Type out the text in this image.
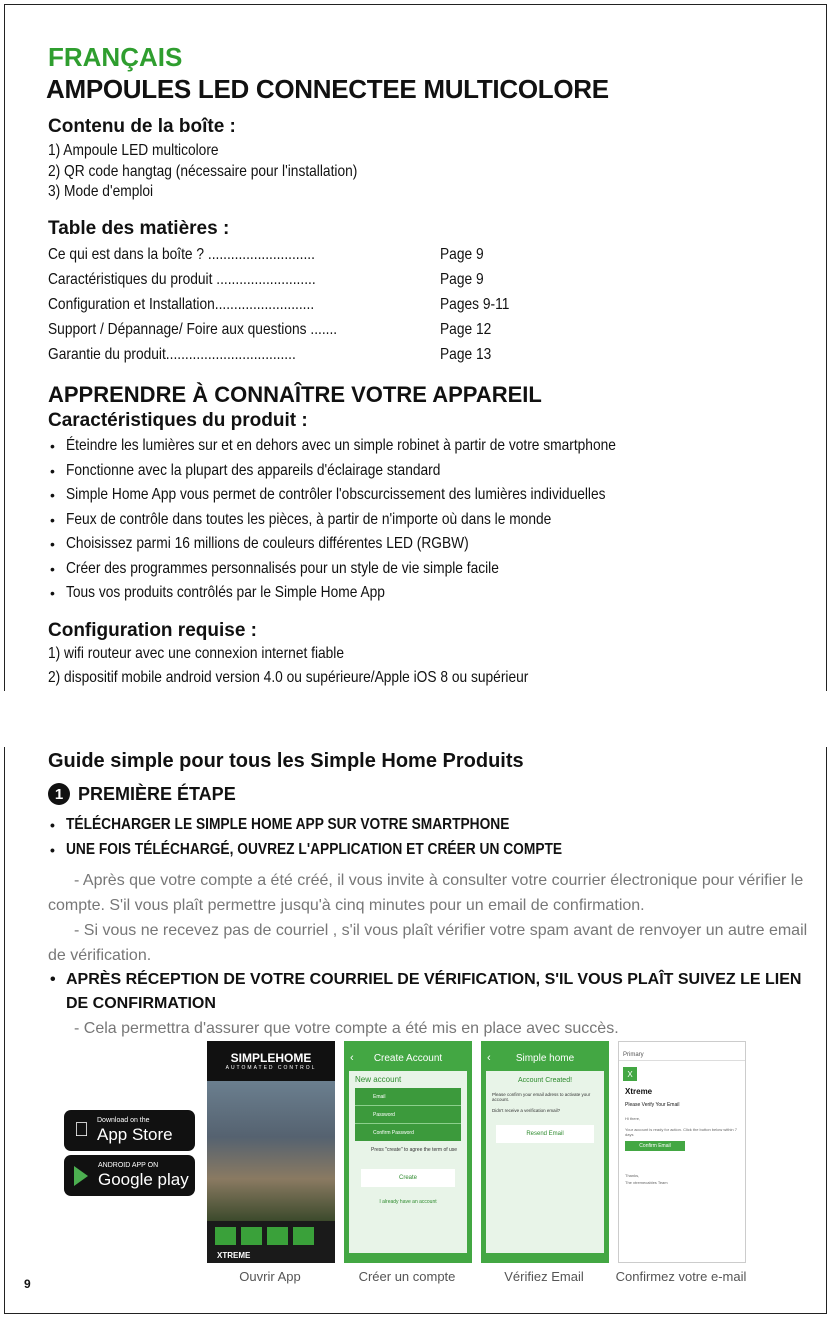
FRANÇAIS
AMPOULES LED CONNECTEE MULTICOLORE
Contenu de la boîte :
1) Ampoule LED multicolore
2) QR code hangtag (nécessaire pour l'installation)
3) Mode d'emploi
Table des matières :
Ce qui est dans la boîte ? ............................	Page 9
Caractéristiques du produit ..........................	Page 9
Configuration et Installation..........................	Pages 9-11
Support / Dépannage/ Foire aux questions .......	Page 12
Garantie du produit..................................	Page 13
APPRENDRE À CONNAÎTRE VOTRE APPAREIL
Caractéristiques du produit :
• Éteindre les lumières sur et en dehors avec un simple robinet à partir de votre smartphone
• Fonctionne avec la plupart des appareils d'éclairage standard
• Simple Home App vous permet de contrôler l'obscurcissement des lumières individuelles
• Feux de contrôle dans toutes les pièces, à partir de n'importe où dans le monde
• Choisissez parmi 16 millions de couleurs différentes LED (RGBW)
• Créer des programmes personnalisés pour un style de vie simple facile
• Tous vos produits contrôlés par le Simple Home App
Configuration requise :
1) wifi routeur avec une connexion internet fiable
2) dispositif mobile android version 4.0 ou supérieure/Apple iOS 8 ou supérieur
Guide simple pour tous les Simple Home Produits
1 PREMIÈRE ÉTAPE
• TÉLÉCHARGER LE SIMPLE HOME APP SUR VOTRE SMARTPHONE
• UNE FOIS TÉLÉCHARGÉ, OUVREZ L'APPLICATION ET CRÉER UN COMPTE
- Après que votre compte a été créé, il vous invite à consulter votre courrier électronique pour vérifier le compte. S'il vous plaît permettre jusqu'à cinq minutes pour un email de confirmation.
- Si vous ne recevez pas de courriel , s'il vous plaît vérifier votre spam avant de renvoyer un autre email de vérification.
• APRÈS RÉCEPTION DE VOTRE COURRIEL DE VÉRIFICATION, S'IL VOUS PLAÎT SUIVEZ LE LIEN DE CONFIRMATION
- Cela permettra d'assurer que votre compte a été mis en place avec succès.
Download on the
App Store
ANDROID APP ON
Google play
SIMPLEHOME
AUTOMATED CONTROL
XTREME
‹ Create Account
New account
Email
Password
Confirm Password
Press "create" to agree the term of use
Create
I already have an account
‹	Simple home
Account Created!
Please confirm your email adress to activate your account.
Didn't receive a verification email?
Resend Email
Primary
X
Xtreme
Please Verify Your Email
Hi there,
Your account is ready for action. Click the button below within 7 days
Confirm Email
Thanks,
The xtremecables Team
Ouvrir App	Créer un compte	Vérifiez Email	Confirmez votre e-mail
9
